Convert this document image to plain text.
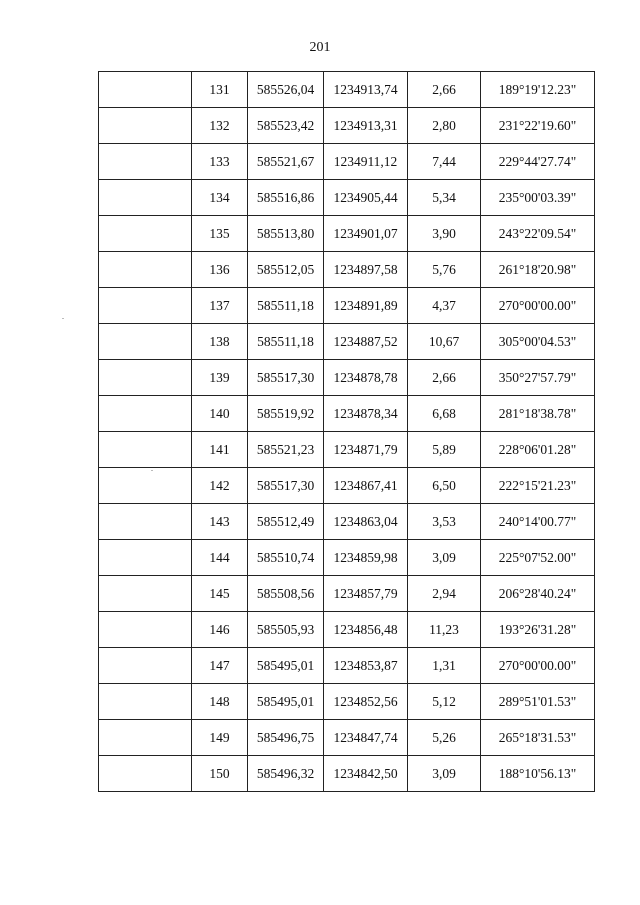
201
	131	585526,04	1234913,74	2,66	189°19'12.23"
	132	585523,42	1234913,31	2,80	231°22'19.60"
	133	585521,67	1234911,12	7,44	229°44'27.74"
	134	585516,86	1234905,44	5,34	235°00'03.39"
	135	585513,80	1234901,07	3,90	243°22'09.54"
	136	585512,05	1234897,58	5,76	261°18'20.98"
	137	585511,18	1234891,89	4,37	270°00'00.00"
	138	585511,18	1234887,52	10,67	305°00'04.53"
	139	585517,30	1234878,78	2,66	350°27'57.79"
	140	585519,92	1234878,34	6,68	281°18'38.78"
	141	585521,23	1234871,79	5,89	228°06'01.28"
	142	585517,30	1234867,41	6,50	222°15'21.23"
	143	585512,49	1234863,04	3,53	240°14'00.77"
	144	585510,74	1234859,98	3,09	225°07'52.00"
	145	585508,56	1234857,79	2,94	206°28'40.24"
	146	585505,93	1234856,48	11,23	193°26'31.28"
	147	585495,01	1234853,87	1,31	270°00'00.00"
	148	585495,01	1234852,56	5,12	289°51'01.53"
	149	585496,75	1234847,74	5,26	265°18'31.53"
	150	585496,32	1234842,50	3,09	188°10'56.13"
